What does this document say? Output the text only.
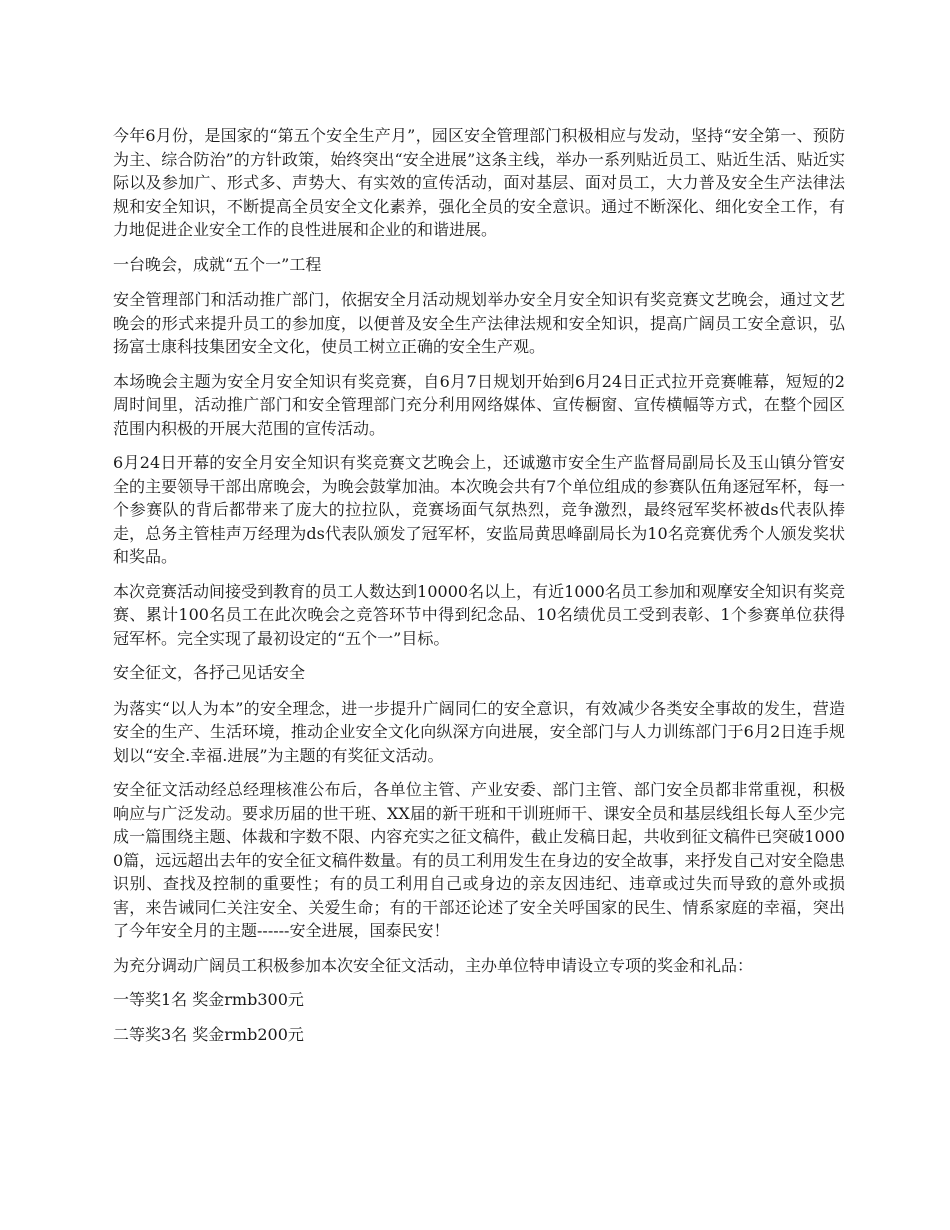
今年6月份，是国家的“第五个安全生产月”，园区安全管理部门积极相应与发动，坚持“安全第一、预防为主、综合防治”的方针政策，始终突出“安全进展”这条主线，举办一系列贴近员工、贴近生活、贴近实际以及参加广、形式多、声势大、有实效的宣传活动，面对基层、面对员工，大力普及安全生产法律法规和安全知识，不断提高全员安全文化素养，强化全员的安全意识。通过不断深化、细化安全工作，有力地促进企业安全工作的良性进展和企业的和谐进展。

一台晚会，成就“五个一”工程

安全管理部门和活动推广部门，依据安全月活动规划举办安全月安全知识有奖竞赛文艺晚会，通过文艺晚会的形式来提升员工的参加度，以便普及安全生产法律法规和安全知识，提高广阔员工安全意识，弘扬富士康科技集团安全文化，使员工树立正确的安全生产观。

本场晚会主题为安全月安全知识有奖竞赛，自6月7日规划开始到6月24日正式拉开竞赛帷幕，短短的2周时间里，活动推广部门和安全管理部门充分利用网络媒体、宣传橱窗、宣传横幅等方式，在整个园区范围内积极的开展大范围的宣传活动。

6月24日开幕的安全月安全知识有奖竞赛文艺晚会上，还诚邀市安全生产监督局副局长及玉山镇分管安全的主要领导干部出席晚会，为晚会鼓掌加油。本次晚会共有7个单位组成的参赛队伍角逐冠军杯，每一个参赛队的背后都带来了庞大的拉拉队，竞赛场面气氛热烈，竞争激烈，最终冠军奖杯被ds代表队捧走，总务主管桂声万经理为ds代表队颁发了冠军杯，安监局黄思峰副局长为10名竞赛优秀个人颁发奖状和奖品。

本次竞赛活动间接受到教育的员工人数达到10000名以上，有近1000名员工参加和观摩安全知识有奖竞赛、累计100名员工在此次晚会之竞答环节中得到纪念品、10名绩优员工受到表彰、1个参赛单位获得冠军杯。完全实现了最初设定的“五个一”目标。

安全征文，各抒己见话安全

为落实“以人为本”的安全理念，进一步提升广阔同仁的安全意识，有效减少各类安全事故的发生，营造安全的生产、生活环境，推动企业安全文化向纵深方向进展，安全部门与人力训练部门于6月2日连手规划以“安全.幸福.进展”为主题的有奖征文活动。

安全征文活动经总经理核准公布后，各单位主管、产业安委、部门主管、部门安全员都非常重视，积极响应与广泛发动。要求历届的世干班、XX届的新干班和干训班师干、课安全员和基层线组长每人至少完成一篇围绕主题、体裁和字数不限、内容充实之征文稿件，截止发稿日起，共收到征文稿件已突破10000篇，远远超出去年的安全征文稿件数量。有的员工利用发生在身边的安全故事，来抒发自己对安全隐患识别、查找及控制的重要性；有的员工利用自己或身边的亲友因违纪、违章或过失而导致的意外或损害，来告诫同仁关注安全、关爱生命；有的干部还论述了安全关呼国家的民生、情系家庭的幸福，突出了今年安全月的主题------安全进展，国泰民安！

为充分调动广阔员工积极参加本次安全征文活动，主办单位特申请设立专项的奖金和礼品：

一等奖1名 奖金rmb300元

二等奖3名 奖金rmb200元
